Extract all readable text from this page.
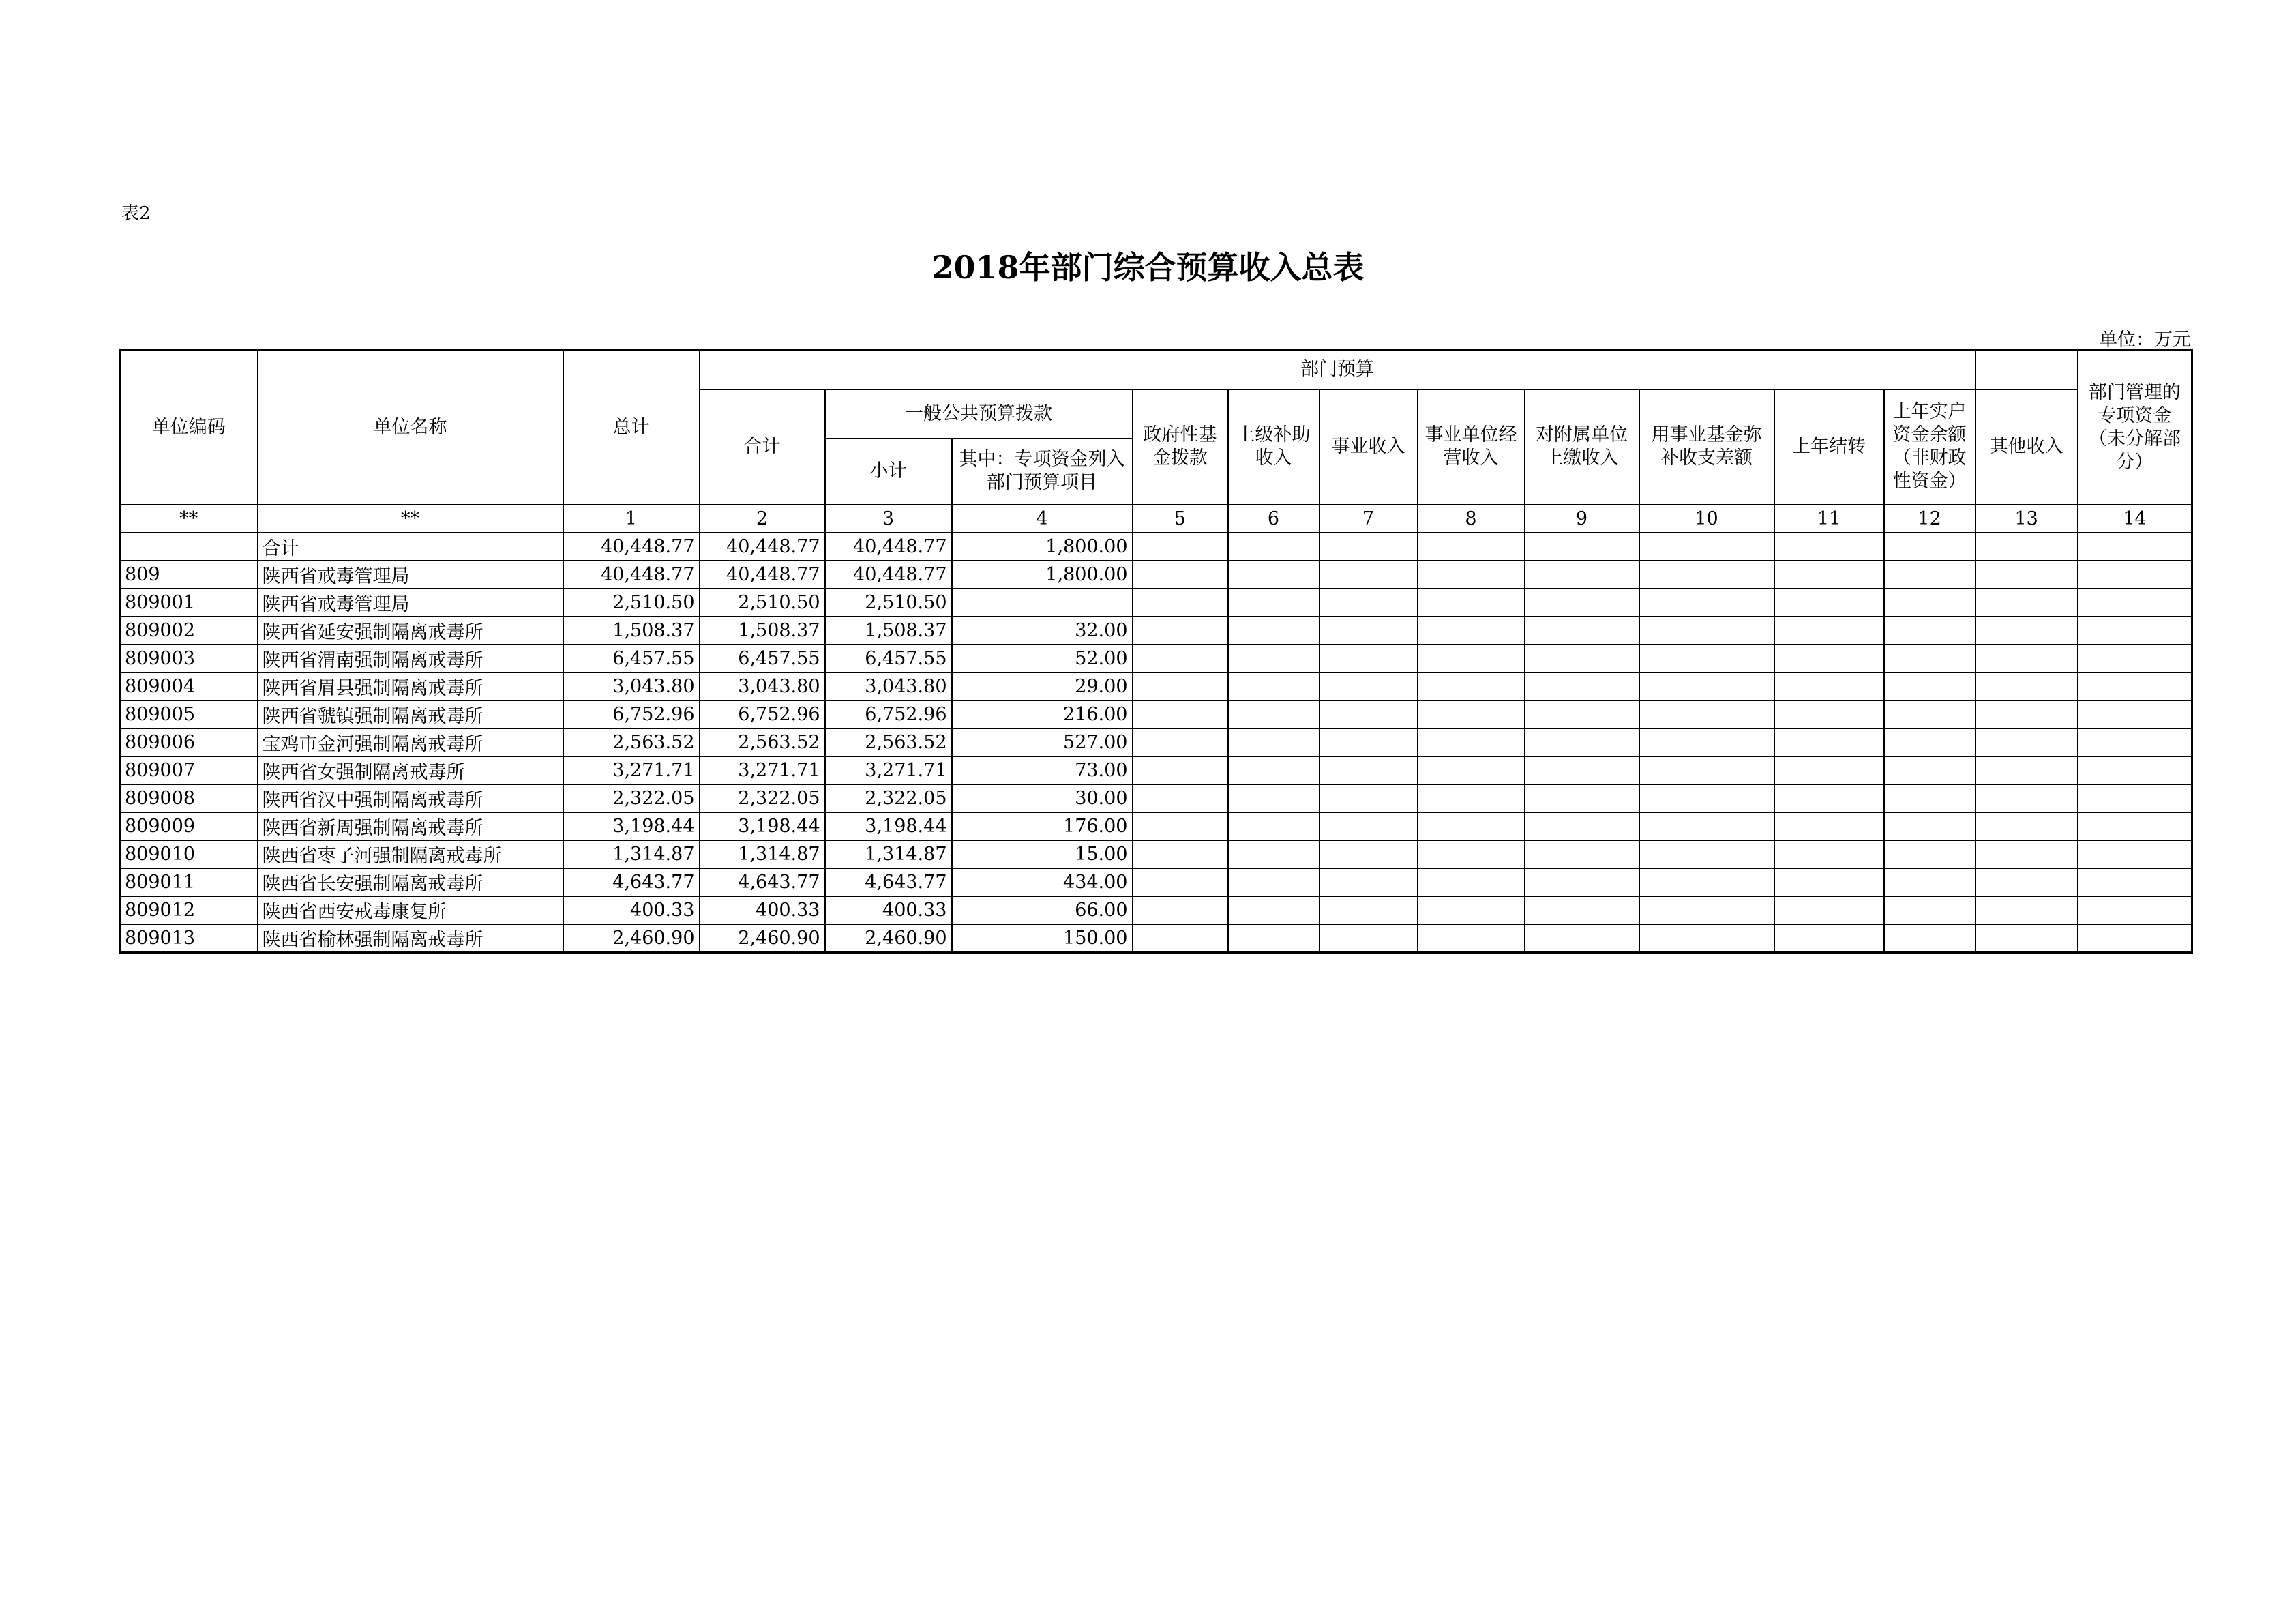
表2
2018年部门综合预算收入总表
单位：万元
单位编码	单位名称	总计	部门预算												部门管理的专项资金（未分解部分）
			合计	一般公共预算拨款		政府性基金拨款	上级补助收入	事业收入	事业单位经营收入	对附属单位上缴收入	用事业基金弥补收支差额	上年结转	上年实户资金余额（非财政性资金）	其他收入	
				小计	其中：专项资金列入部门预算项目										
**	**	1	2	3	4	5	6	7	8	9	10	11	12	13	14
	合计	40,448.77	40,448.77	40,448.77	1,800.00										
809	陕西省戒毒管理局	40,448.77	40,448.77	40,448.77	1,800.00										
809001	陕西省戒毒管理局	2,510.50	2,510.50	2,510.50											
809002	陕西省延安强制隔离戒毒所	1,508.37	1,508.37	1,508.37	32.00										
809003	陕西省渭南强制隔离戒毒所	6,457.55	6,457.55	6,457.55	52.00										
809004	陕西省眉县强制隔离戒毒所	3,043.80	3,043.80	3,043.80	29.00										
809005	陕西省虢镇强制隔离戒毒所	6,752.96	6,752.96	6,752.96	216.00										
809006	宝鸡市金河强制隔离戒毒所	2,563.52	2,563.52	2,563.52	527.00										
809007	陕西省女强制隔离戒毒所	3,271.71	3,271.71	3,271.71	73.00										
809008	陕西省汉中强制隔离戒毒所	2,322.05	2,322.05	2,322.05	30.00										
809009	陕西省新周强制隔离戒毒所	3,198.44	3,198.44	3,198.44	176.00										
809010	陕西省枣子河强制隔离戒毒所	1,314.87	1,314.87	1,314.87	15.00										
809011	陕西省长安强制隔离戒毒所	4,643.77	4,643.77	4,643.77	434.00										
809012	陕西省西安戒毒康复所	400.33	400.33	400.33	66.00										
809013	陕西省榆林强制隔离戒毒所	2,460.90	2,460.90	2,460.90	150.00										
